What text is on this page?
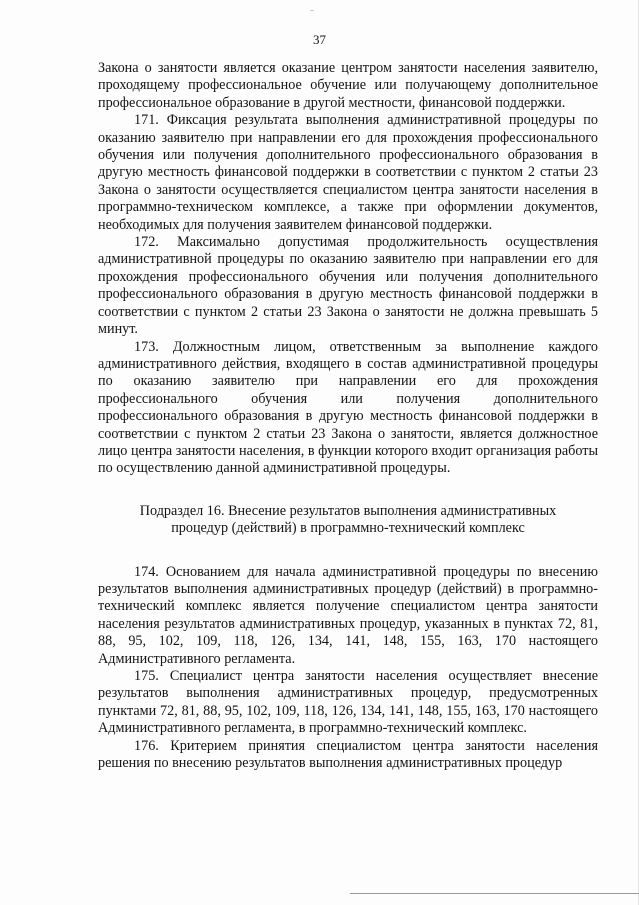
37

Закона о занятости является оказание центром занятости населения заявителю, проходящему профессиональное обучение или получающему дополнительное профессиональное образование в другой местности, финансовой поддержки.

171. Фиксация результата выполнения административной процедуры по оказанию заявителю при направлении его для прохождения профессионального обучения или получения дополнительного профессионального образования в другую местность финансовой поддержки в соответствии с пунктом 2 статьи 23 Закона о занятости осуществляется специалистом центра занятости населения в программно-техническом комплексе, а также при оформлении документов, необходимых для получения заявителем финансовой поддержки.

172. Максимально допустимая продолжительность осуществления административной процедуры по оказанию заявителю при направлении его для прохождения профессионального обучения или получения дополнительного профессионального образования в другую местность финансовой поддержки в соответствии с пунктом 2 статьи 23 Закона о занятости не должна превышать 5 минут.

173. Должностным лицом, ответственным за выполнение каждого административного действия, входящего в состав административной процедуры по оказанию заявителю при направлении его для прохождения профессионального обучения или получения дополнительного профессионального образования в другую местность финансовой поддержки в соответствии с пунктом 2 статьи 23 Закона о занятости, является должностное лицо центра занятости населения, в функции которого входит организация работы по осуществлению данной административной процедуры.

Подраздел 16. Внесение результатов выполнения административных
процедур (действий) в программно-технический комплекс

174. Основанием для начала административной процедуры по внесению результатов выполнения административных процедур (действий) в программно-технический комплекс является получение специалистом центра занятости населения результатов административных процедур, указанных в пунктах 72, 81, 88, 95, 102, 109, 118, 126, 134, 141, 148, 155, 163, 170 настоящего Административного регламента.

175. Специалист центра занятости населения осуществляет внесение результатов выполнения административных процедур, предусмотренных пунктами 72, 81, 88, 95, 102, 109, 118, 126, 134, 141, 148, 155, 163, 170 настоящего Административного регламента, в программно-технический комплекс.

176. Критерием принятия специалистом центра занятости населения решения по внесению результатов выполнения административных процедур
